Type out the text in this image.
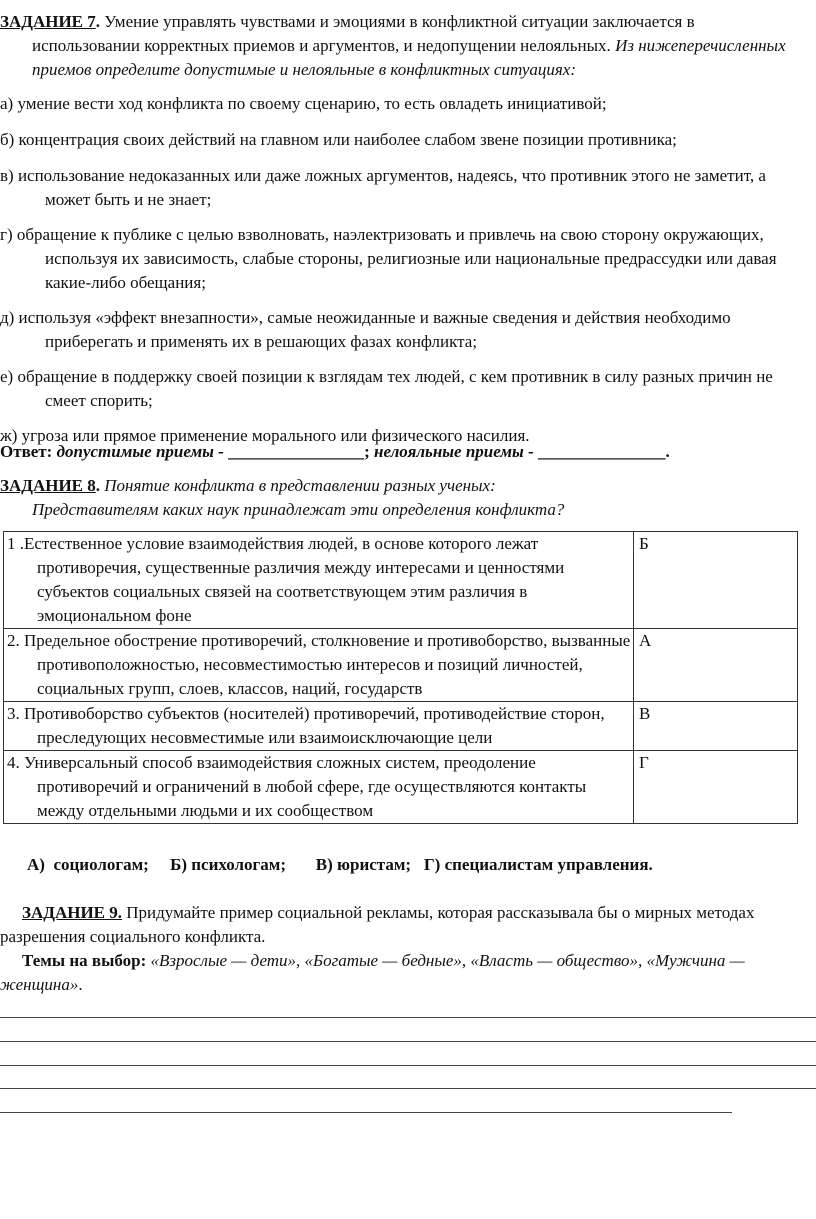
ЗАДАНИЕ 7. Умение управлять чувствами и эмоциями в конфликтной ситуации заключается в использовании корректных приемов и аргументов, и недопущении нелояльных. Из нижеперечисленных приемов определите допустимые и нелояльные в конфликтных ситуациях:

а) умение вести ход конфликта по своему сценарию, то есть овладеть инициативой;

б) концентрация своих действий на главном или наиболее слабом звене позиции противника;

в) использование недоказанных или даже ложных аргументов, надеясь, что противник этого не заметит, а может быть и не знает;

г) обращение к публике с целью взволновать, наэлектризовать и привлечь на свою сторону окружающих, используя их зависимость, слабые стороны, религиозные или национальные предрассудки или давая какие-либо обещания;

д) используя «эффект внезапности», самые неожиданные и важные сведения и действия необходимо приберегать и применять их в решающих фазах конфликта;

е) обращение в поддержку своей позиции к взглядам тех людей, с кем противник в силу разных причин не смеет спорить;

ж) угроза или прямое применение морального или физического насилия.

Ответ: допустимые приемы - ________________; нелояльные приемы - _______________.

ЗАДАНИЕ 8. Понятие конфликта в представлении разных ученых:
Представителям каких наук принадлежат эти определения конфликта?

1 .Естественное условие взаимодействия людей, в основе которого лежат противоречия, существенные различия между интересами и ценностями субъектов социальных связей на соответствующем этим различия в эмоциональном фоне	Б

2. Предельное обострение противоречий, столкновение и противоборство, вызванные противоположностью, несовместимостью интересов и позиций личностей, социальных групп, слоев, классов, наций, государств	А

3. Противоборство субъектов (носителей) противоречий, противодействие сторон, преследующих несовместимые или взаимоисключающие цели	В

4. Универсальный способ взаимодействия сложных систем, преодоление противоречий и ограничений в любой сфере, где осуществляются контакты между отдельными людьми и их сообществом	Г
А)  социологам;     Б) психологам;       В) юристам;   Г) специалистам управления.

ЗАДАНИЕ 9. Придумайте пример социальной рекламы, которая рассказывала бы о мирных методах разрешения социального конфликта.

Темы на выбор: «Взрослые — дети», «Богатые — бедные», «Власть — общество», «Мужчина — женщина».
